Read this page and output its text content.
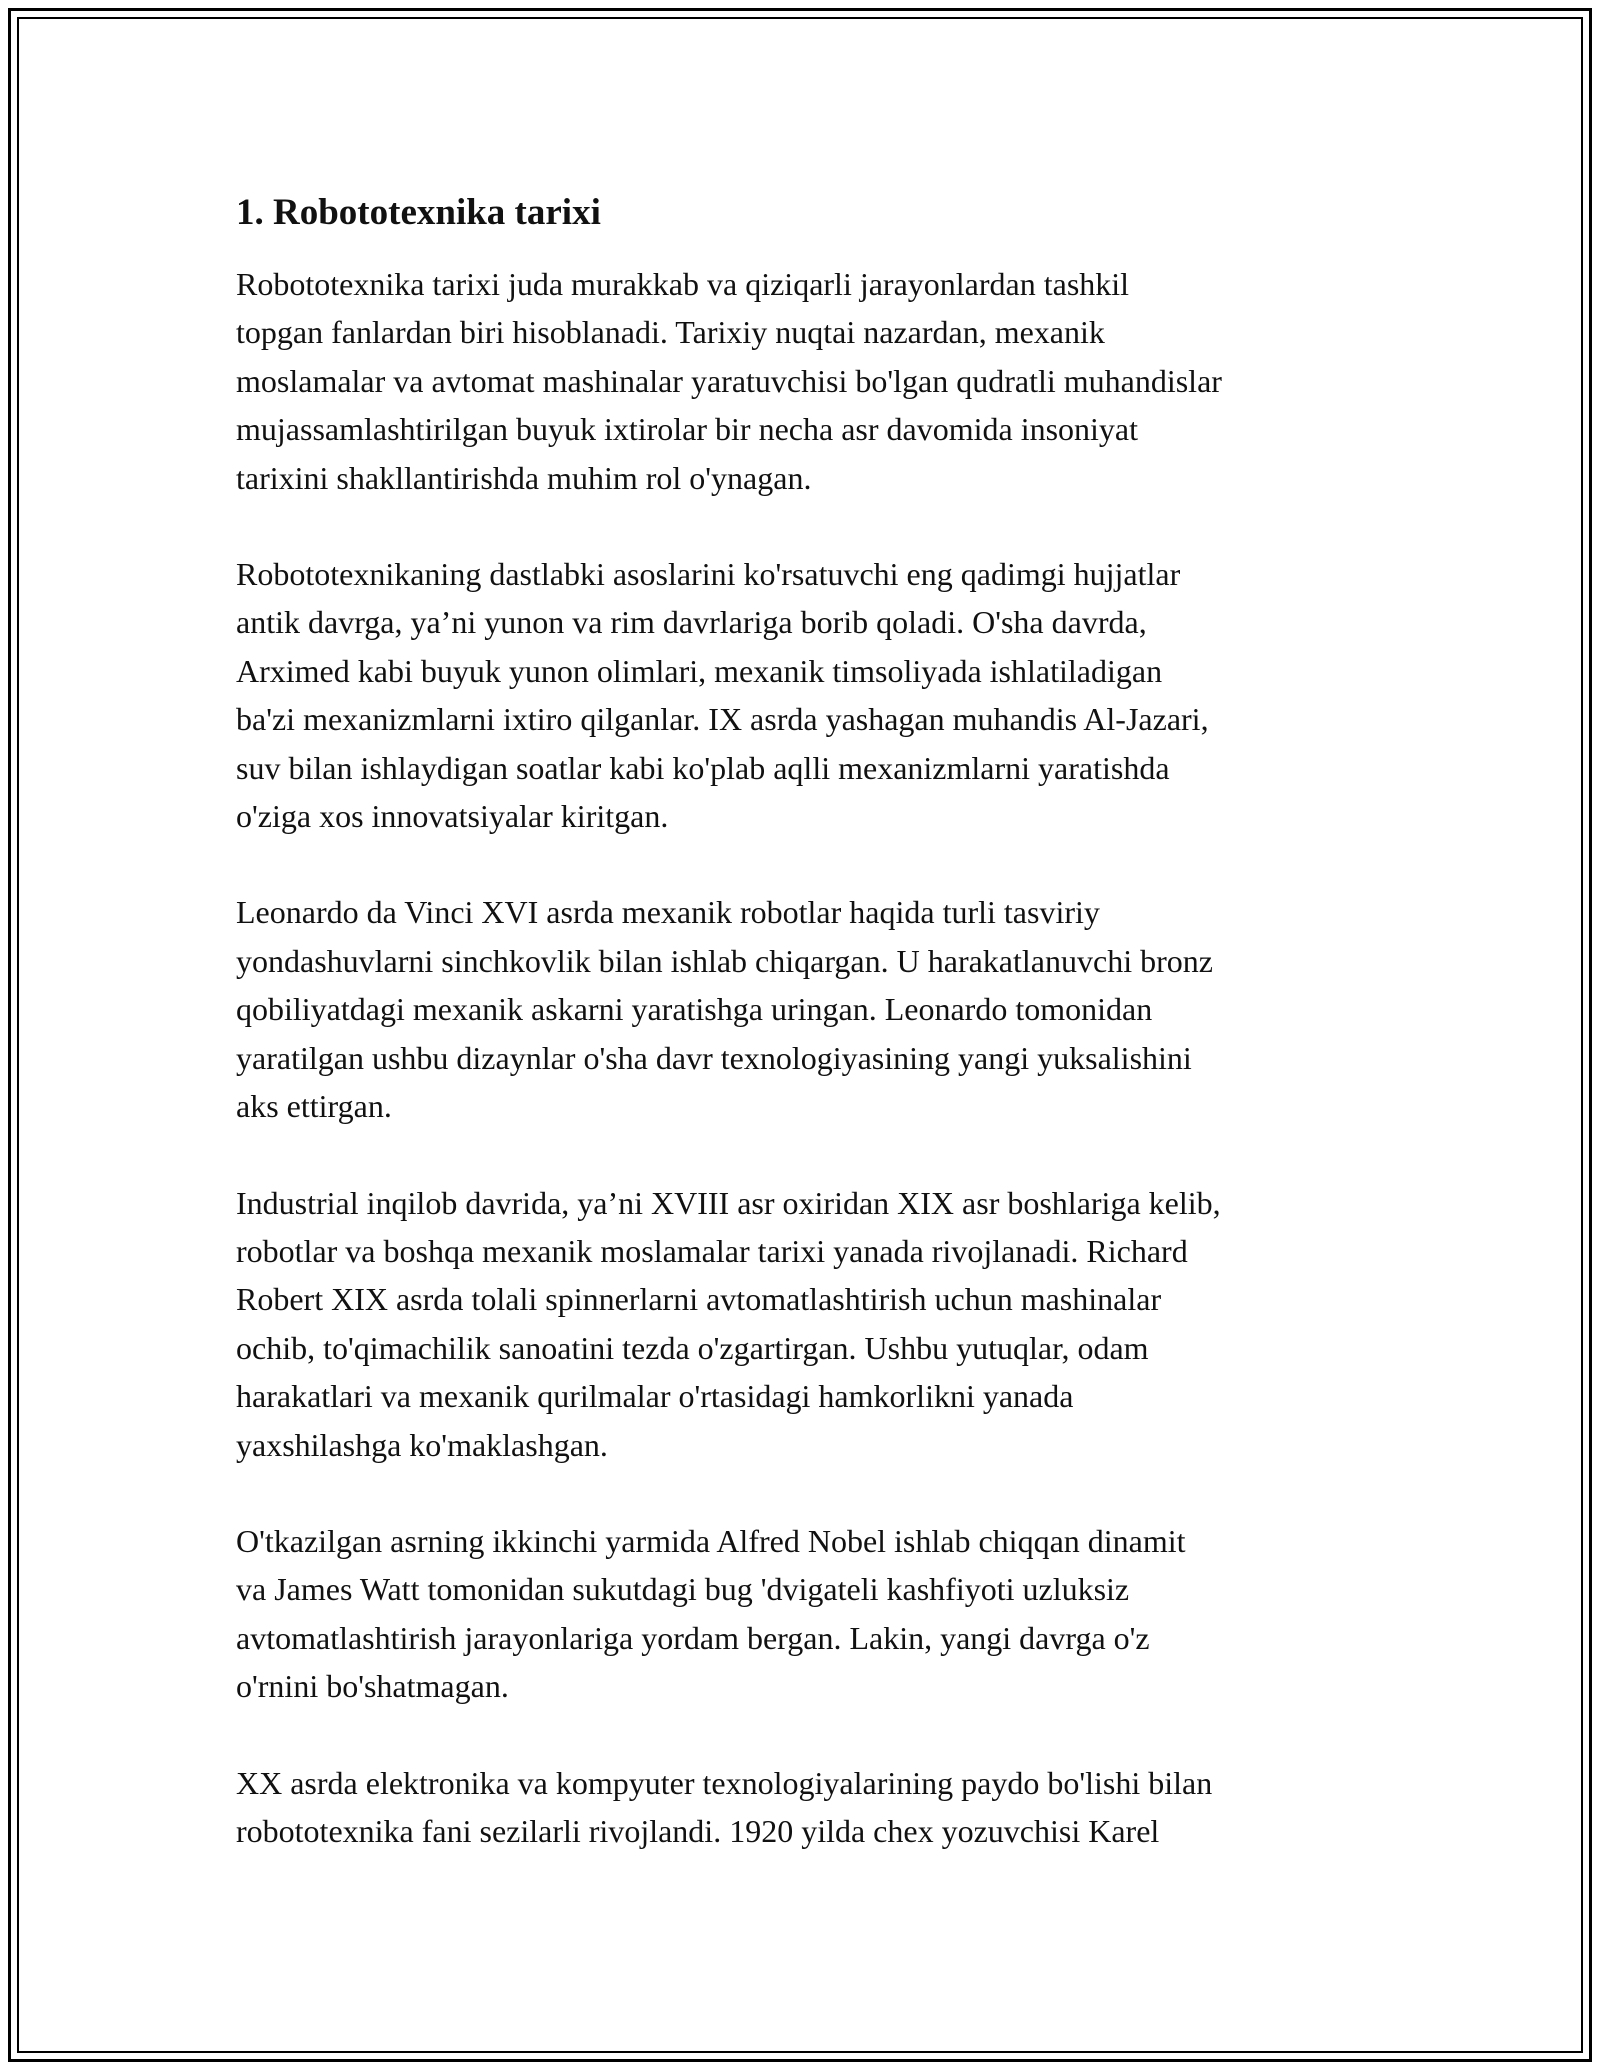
1. Robototexnika tarixi

Robototexnika tarixi juda murakkab va qiziqarli jarayonlardan tashkil
topgan fanlardan biri hisoblanadi. Tarixiy nuqtai nazardan, mexanik
moslamalar va avtomat mashinalar yaratuvchisi bo'lgan qudratli muhandislar
mujassamlashtirilgan buyuk ixtirolar bir necha asr davomida insoniyat
tarixini shakllantirishda muhim rol o'ynagan.

Robototexnikaning dastlabki asoslarini ko'rsatuvchi eng qadimgi hujjatlar
antik davrga, ya’ni yunon va rim davrlariga borib qoladi. O'sha davrda,
Arximed kabi buyuk yunon olimlari, mexanik timsoliyada ishlatiladigan
ba'zi mexanizmlarni ixtiro qilganlar. IX asrda yashagan muhandis Al-Jazari,
suv bilan ishlaydigan soatlar kabi ko'plab aqlli mexanizmlarni yaratishda
o'ziga xos innovatsiyalar kiritgan.

Leonardo da Vinci XVI asrda mexanik robotlar haqida turli tasviriy
yondashuvlarni sinchkovlik bilan ishlab chiqargan. U harakatlanuvchi bronz
qobiliyatdagi mexanik askarni yaratishga uringan. Leonardo tomonidan
yaratilgan ushbu dizaynlar o'sha davr texnologiyasining yangi yuksalishini
aks ettirgan.

Industrial inqilob davrida, ya’ni XVIII asr oxiridan XIX asr boshlariga kelib,
robotlar va boshqa mexanik moslamalar tarixi yanada rivojlanadi. Richard
Robert XIX asrda tolali spinnerlarni avtomatlashtirish uchun mashinalar
ochib, to'qimachilik sanoatini tezda o'zgartirgan. Ushbu yutuqlar, odam
harakatlari va mexanik qurilmalar o'rtasidagi hamkorlikni yanada
yaxshilashga ko'maklashgan.

O'tkazilgan asrning ikkinchi yarmida Alfred Nobel ishlab chiqqan dinamit
va James Watt tomonidan sukutdagi bug 'dvigateli kashfiyoti uzluksiz
avtomatlashtirish jarayonlariga yordam bergan. Lakin, yangi davrga o'z
o'rnini bo'shatmagan.

XX asrda elektronika va kompyuter texnologiyalarining paydo bo'lishi bilan
robototexnika fani sezilarli rivojlandi. 1920 yilda chex yozuvchisi Karel
